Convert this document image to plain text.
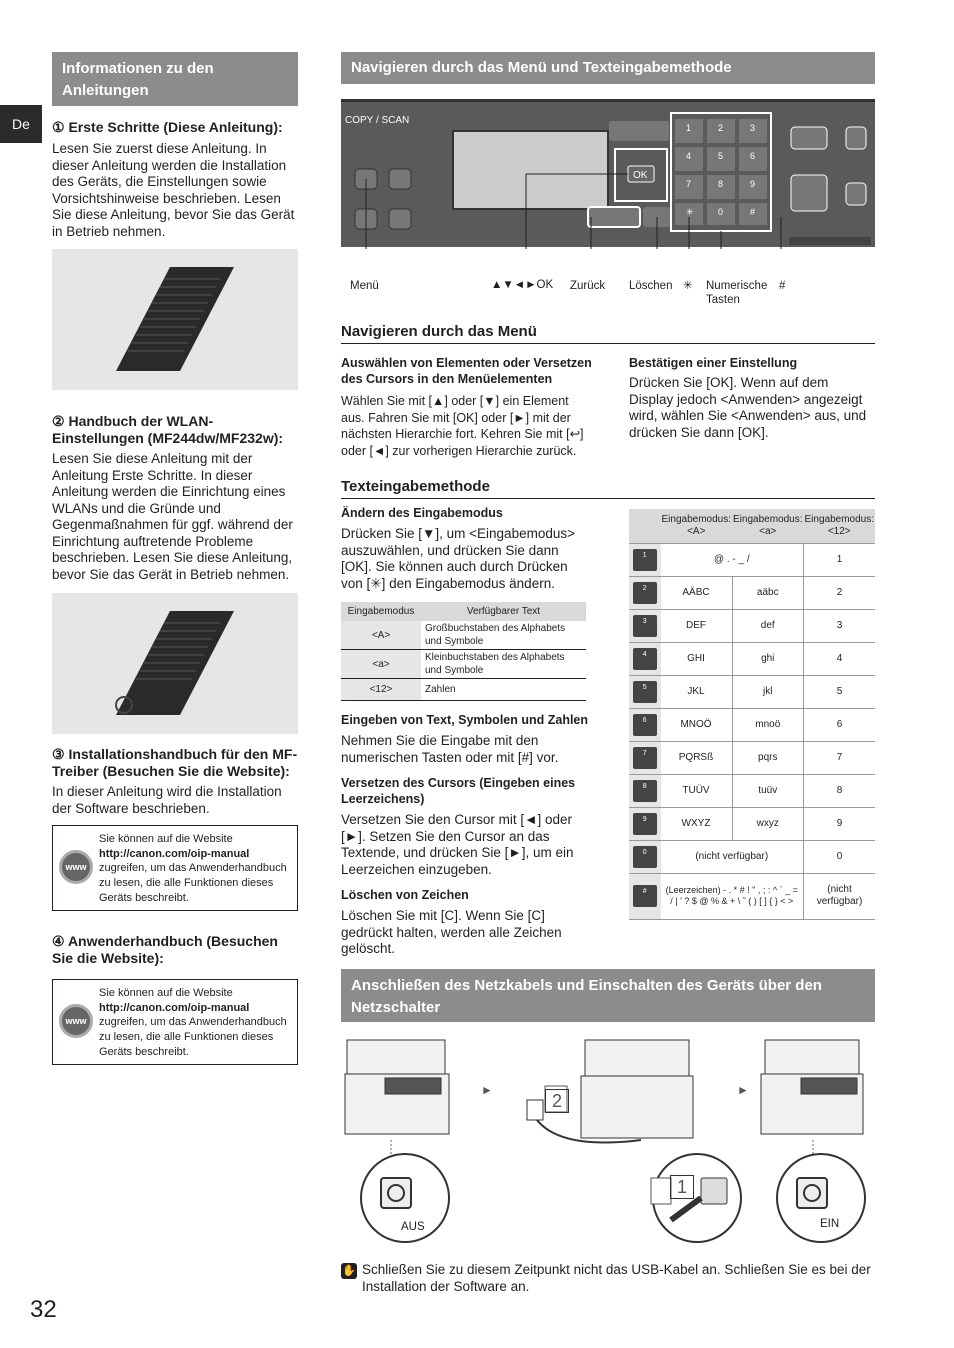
De
Informationen zu den Anleitungen
① Erste Schritte (Diese Anleitung):

Lesen Sie zuerst diese Anleitung. In dieser Anleitung werden die Installation des Geräts, die Einstellungen sowie Vorsichtshinweise beschrieben. Lesen Sie diese Anleitung, bevor Sie das Gerät in Betrieb nehmen.

② Handbuch der WLAN-Einstellungen (MF244dw/MF232w):

Lesen Sie diese Anleitung mit der Anleitung Erste Schritte. In dieser Anleitung werden die Einrichtung eines WLANs und die Gründe und Gegenmaßnahmen für ggf. während der Einrichtung auftretende Probleme beschrieben. Lesen Sie diese Anleitung, bevor Sie das Gerät in Betrieb nehmen.

③ Installationshandbuch für den MF-Treiber (Besuchen Sie die Website):

In dieser Anleitung wird die Installation der Software beschrieben.

www
Sie können auf die Website
http://canon.com/oip-manual
zugreifen, um das Anwenderhandbuch zu lesen, die alle Funktionen dieses Geräts beschreibt.
④ Anwenderhandbuch (Besuchen Sie die Website):
www
Sie können auf die Website
http://canon.com/oip-manual
zugreifen, um das Anwenderhandbuch zu lesen, die alle Funktionen dieses Geräts beschreibt.
Navigieren durch das Menü und Texteingabemethode
COPY / SCAN
OK
1	2	3
4	5	6
7	8	9
✳	0	#
Menü	▲▼◄►OK Zurück Löschen ✳ Numerische Tasten
#
Navigieren durch das Menü
Auswählen von Elementen oder Versetzen des Cursors in den Menüelementen

Wählen Sie mit [▲] oder [▼] ein Element aus. Fahren Sie mit [OK] oder [►] mit der nächsten Hierarchie fort. Kehren Sie mit [↩] oder [◄] zur vorherigen Hierarchie zurück.

Bestätigen einer Einstellung

Drücken Sie [OK]. Wenn auf dem Display jedoch <Anwenden> angezeigt wird, wählen Sie <Anwenden> aus, und drücken Sie dann [OK].

Texteingabemethode
Ändern des Eingabemodus

Drücken Sie [▼], um <Eingabemodus> auszuwählen, und drücken Sie dann [OK]. Sie können auch durch Drücken von [✳] den Eingabemodus ändern.

Eingabemodus	Verfügbarer Text
<A>	Großbuchstaben des Alphabets und Symbole
<a>	Kleinbuchstaben des Alphabets und Symbole
<12>	Zahlen
Eingeben von Text, Symbolen und Zahlen

Nehmen Sie die Eingabe mit den numerischen Tasten oder mit [#] vor.

Versetzen des Cursors (Eingeben eines Leerzeichens)

Versetzen Sie den Cursor mit [◄] oder [►]. Setzen Sie den Cursor an das Textende, und drücken Sie [►], um ein Leerzeichen einzugeben.

Löschen von Zeichen

Löschen Sie mit [C]. Wenn Sie [C] gedrückt halten, werden alle Zeichen gelöscht.

	Eingabemodus: <A>	Eingabemodus: <a>	Eingabemodus: <12>
1	@ . - _ /		1
2	AÄBC	aäbc	2
3	DEF	def	3
4	GHI	ghi	4
5	JKL	jkl	5
6	MNOÖ	mnoö	6
7	PQRSß	pqrs	7
8	TUÜV	tuüv	8
9	WXYZ	wxyz	9
0	(nicht verfügbar)		0
#	(Leerzeichen) - . * # ! " , ; : ^ ` _ = / | ' ? $ @ % & + \ ˜ ( ) [ ] { } < >		(nicht verfügbar)
Anschließen des Netzkabels und Einschalten des Geräts über den Netzschalter
►	►
2
1
AUS	EIN
✋ Schließen Sie zu diesem Zeitpunkt nicht das USB-Kabel an. Schließen Sie es bei der Installation der Software an.

32
